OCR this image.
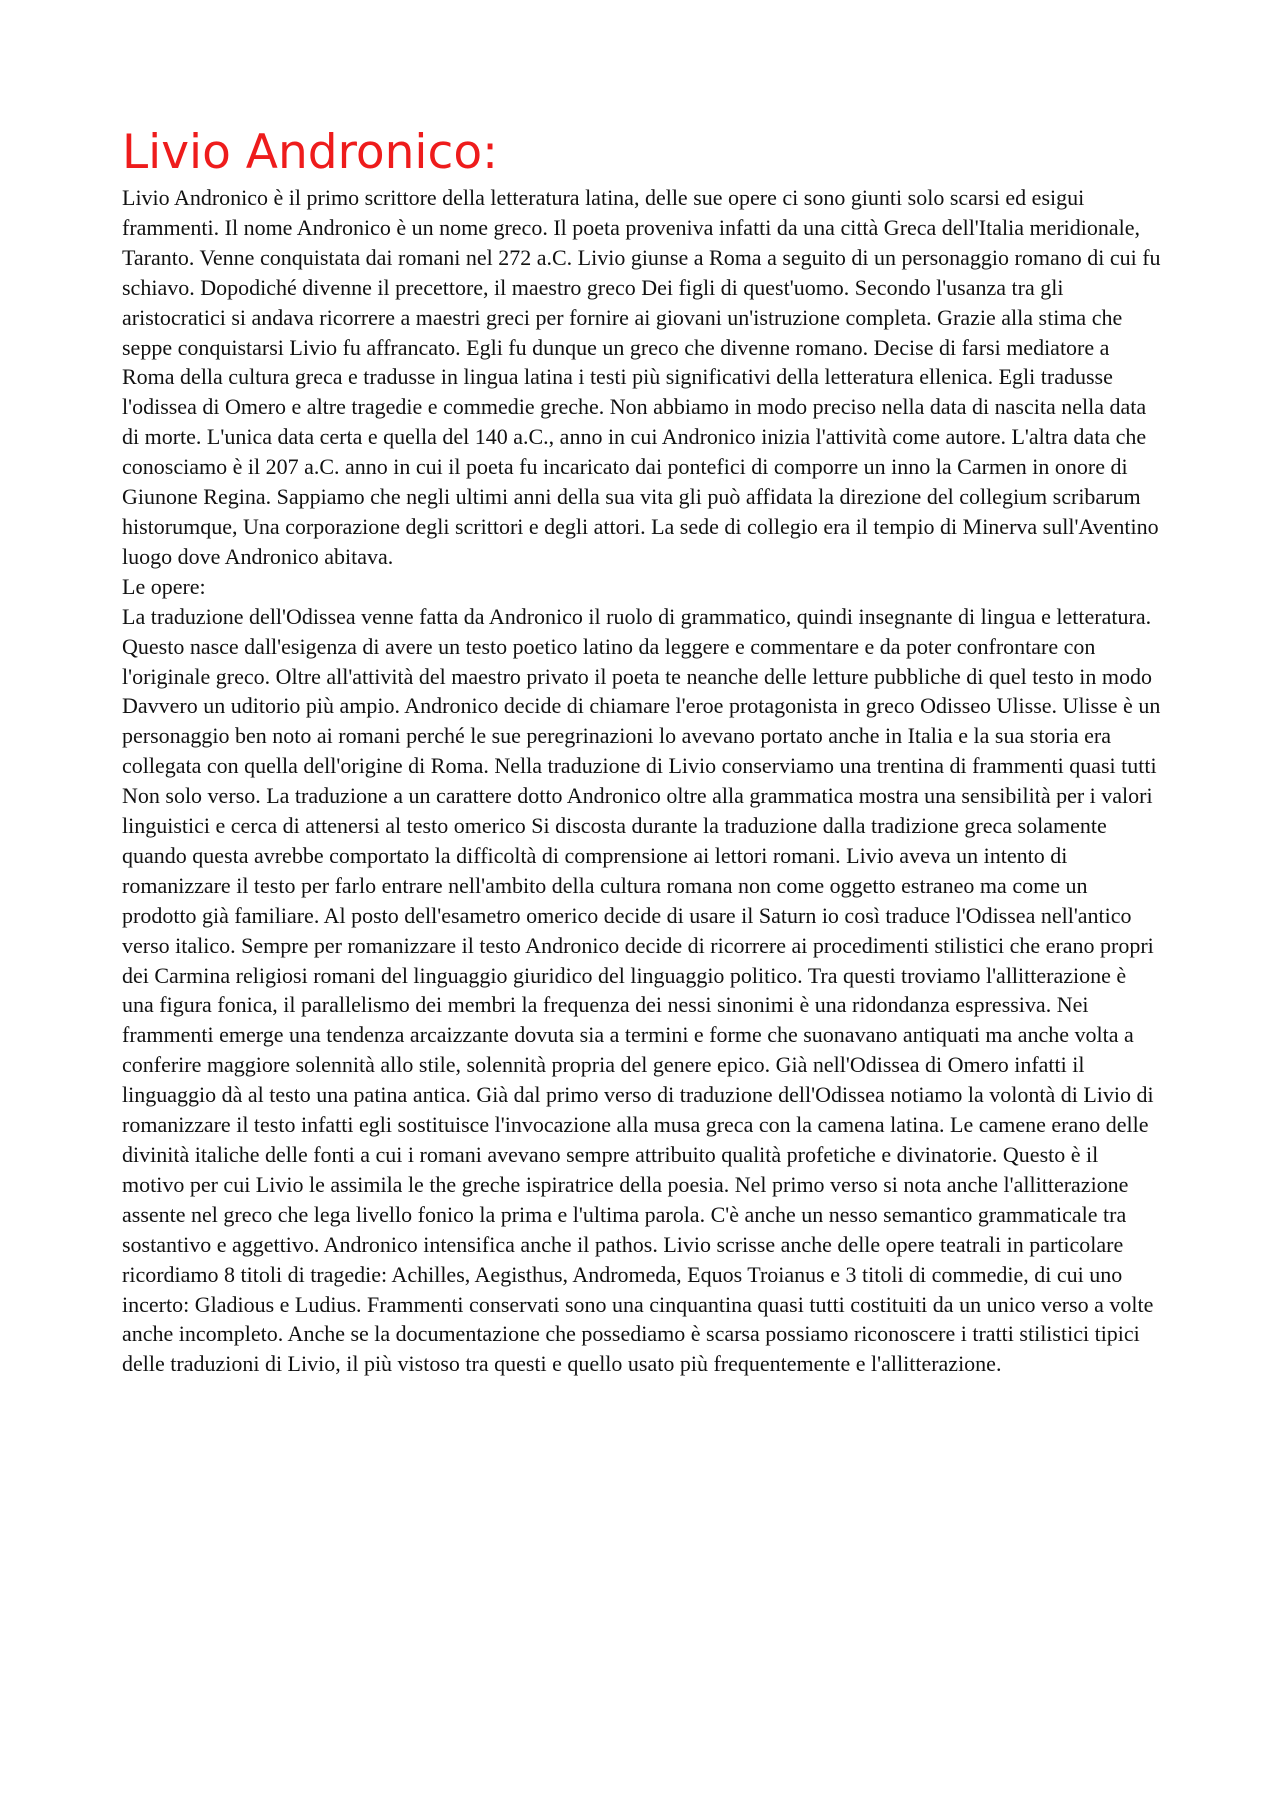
Livio Andronico:

Livio Andronico è il primo scrittore della letteratura latina, delle sue opere ci sono giunti solo scarsi ed esigui frammenti. Il nome Andronico è un nome greco. Il poeta proveniva infatti da una città Greca dell'Italia meridionale, Taranto. Venne conquistata dai romani nel 272 a.C. Livio giunse a Roma a seguito di un personaggio romano di cui fu schiavo. Dopodiché divenne il precettore, il maestro greco Dei figli di quest'uomo. Secondo l'usanza tra gli aristocratici si andava ricorrere a maestri greci per fornire ai giovani un'istruzione completa. Grazie alla stima che seppe conquistarsi Livio fu affrancato. Egli fu dunque un greco che divenne romano. Decise di farsi mediatore a Roma della cultura greca e tradusse in lingua latina i testi più significativi della letteratura ellenica. Egli tradusse l'odissea di Omero e altre tragedie e commedie greche. Non abbiamo in modo preciso nella data di nascita nella data di morte. L'unica data certa e quella del 140 a.C., anno in cui Andronico inizia l'attività come autore. L'altra data che conosciamo è il 207 a.C. anno in cui il poeta fu incaricato dai pontefici di comporre un inno la Carmen in onore di Giunone Regina. Sappiamo che negli ultimi anni della sua vita gli può affidata la direzione del collegium scribarum historumque, Una corporazione degli scrittori e degli attori. La sede di collegio era il tempio di Minerva sull'Aventino luogo dove Andronico abitava.

Le opere:

La traduzione dell'Odissea venne fatta da Andronico il ruolo di grammatico, quindi insegnante di lingua e letteratura. Questo nasce dall'esigenza di avere un testo poetico latino da leggere e commentare e da poter confrontare con l'originale greco. Oltre all'attività del maestro privato il poeta te neanche delle letture pubbliche di quel testo in modo Davvero un uditorio più ampio. Andronico decide di chiamare l'eroe protagonista in greco Odisseo Ulisse. Ulisse è un personaggio ben noto ai romani perché le sue peregrinazioni lo avevano portato anche in Italia e la sua storia era collegata con quella dell'origine di Roma. Nella traduzione di Livio conserviamo una trentina di frammenti quasi tutti Non solo verso. La traduzione a un carattere dotto Andronico oltre alla grammatica mostra una sensibilità per i valori linguistici e cerca di attenersi al testo omerico Si discosta durante la traduzione dalla tradizione greca solamente quando questa avrebbe comportato la difficoltà di comprensione ai lettori romani. Livio aveva un intento di romanizzare il testo per farlo entrare nell'ambito della cultura romana non come oggetto estraneo ma come un prodotto già familiare. Al posto dell'esametro omerico decide di usare il Saturn io così traduce l'Odissea nell'antico verso italico. Sempre per romanizzare il testo Andronico decide di ricorrere ai procedimenti stilistici che erano propri dei Carmina religiosi romani del linguaggio giuridico del linguaggio politico. Tra questi troviamo l'allitterazione è una figura fonica, il parallelismo dei membri la frequenza dei nessi sinonimi è una ridondanza espressiva. Nei frammenti emerge una tendenza arcaizzante dovuta sia a termini e forme che suonavano antiquati ma anche volta a conferire maggiore solennità allo stile, solennità propria del genere epico. Già nell'Odissea di Omero infatti il linguaggio dà al testo una patina antica. Già dal primo verso di traduzione dell'Odissea notiamo la volontà di Livio di romanizzare il testo infatti egli sostituisce l'invocazione alla musa greca con la camena latina. Le camene erano delle divinità italiche delle fonti a cui i romani avevano sempre attribuito qualità profetiche e divinatorie. Questo è il motivo per cui Livio le assimila le the greche ispiratrice della poesia. Nel primo verso si nota anche l'allitterazione assente nel greco che lega livello fonico la prima e l'ultima parola. C'è anche un nesso semantico grammaticale tra sostantivo e aggettivo. Andronico intensifica anche il pathos. Livio scrisse anche delle opere teatrali in particolare ricordiamo 8 titoli di tragedie: Achilles, Aegisthus, Andromeda, Equos Troianus e 3 titoli di commedie, di cui uno incerto: Gladious e Ludius. Frammenti conservati sono una cinquantina quasi tutti costituiti da un unico verso a volte anche incompleto. Anche se la documentazione che possediamo è scarsa possiamo riconoscere i tratti stilistici tipici delle traduzioni di Livio, il più vistoso tra questi e quello usato più frequentemente e l'allitterazione.
